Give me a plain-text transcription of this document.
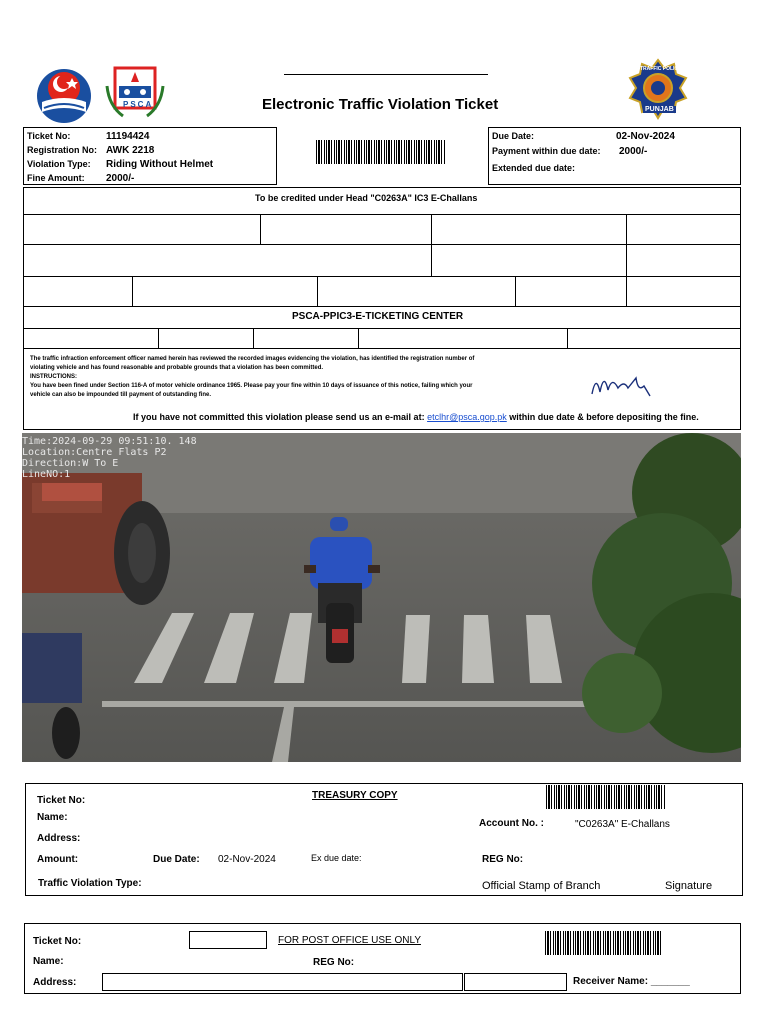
PSCA	Electronic Traffic Violation Ticket
TRAFFIC POLICE
PUNJAB
Ticket No:	11194424
Registration No: AWK 2218
Violation Type: Riding Without Helmet
Fine Amount: 2000/-
Due Date:	02-Nov-2024
Payment within due date: 2000/-
Extended due date:
To be credited under Head "C0263A" IC3 E-Challans
PSCA-PPIC3-E-TICKETING CENTER
The traffic infraction enforcement officer named herein has reviewed the recorded images evidencing the violation, has identified the registration number of
violating vehicle and has found reasonable and probable grounds that a violation has been committed.
INSTRUCTIONS:
You have been fined under Section 116-A of motor vehicle ordinance 1965. Please pay your fine within 10 days of issuance of this notice, failing which your
vehicle can also be impounded till payment of outstanding fine.
If you have not committed this violation please send us an e-mail at: etclhr@psca.gop.pk within due date & before depositing the fine.
Time:2024-09-29 09:51:10. 148
Location:Centre Flats P2
Direction:W To E
LineNO:1
TREASURY COPY
Ticket No:
Name:
Address:
Account No. :	"C0263A" E-Challans
Amount:	Due Date: 02-Nov-2024	Ex due date:	REG No:
Traffic Violation Type:	Official Stamp of Branch	Signature
Ticket No:	FOR POST OFFICE USE ONLY
Name:	REG No:
Address:	Receiver Name: _______
